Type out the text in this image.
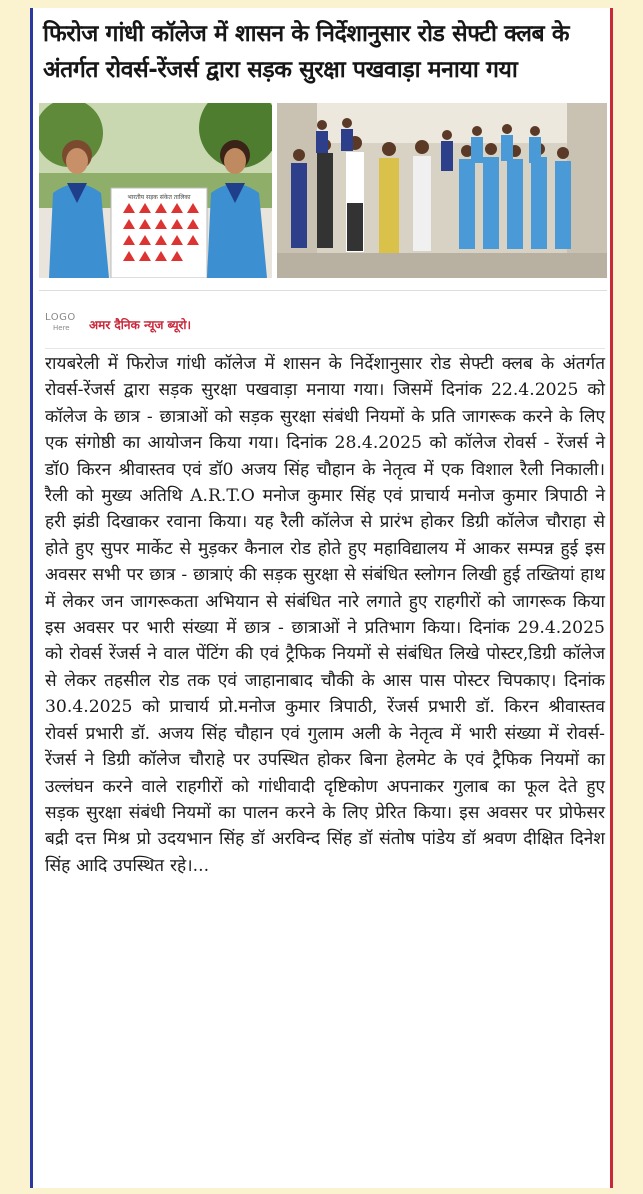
फिरोज गांधी कॉलेज में शासन के निर्देशानुसार रोड सेफ्टी क्लब के अंतर्गत रोवर्स-रेंजर्स द्वारा सड़क सुरक्षा पखवाड़ा मनाया गया
भारतीय सड़क संकेत तालिका
LOGO
Here	अमर दैनिक न्यूज ब्यूरो।

रायबरेली में फिरोज गांधी कॉलेज में शासन के निर्देशानुसार रोड सेफ्टी क्लब के अंतर्गत रोवर्स-रेंजर्स द्वारा सड़क सुरक्षा पखवाड़ा मनाया गया। जिसमें दिनांक 22.4.2025 को कॉलेज के छात्र - छात्राओं को सड़क सुरक्षा संबंधी नियमों के प्रति जागरूक करने के लिए एक संगोष्ठी का आयोजन किया गया। दिनांक 28.4.2025 को कॉलेज रोवर्स - रेंजर्स ने डॉ0 किरन श्रीवास्तव एवं डॉ0 अजय सिंह चौहान के नेतृत्व में एक विशाल रैली निकाली। रैली को मुख्य अतिथि A.R.T.O मनोज कुमार सिंह एवं प्राचार्य मनोज कुमार त्रिपाठी ने हरी झंडी दिखाकर रवाना किया। यह रैली कॉलेज से प्रारंभ होकर डिग्री कॉलेज चौराहा से होते हुए सुपर मार्केट से मुड़कर कैनाल रोड होते हुए महाविद्यालय में आकर सम्पन्न हुई इस अवसर सभी पर छात्र - छात्राएं की सड़क सुरक्षा से संबंधित स्लोगन लिखी हुई तख्तियां हाथ में लेकर जन जागरूकता अभियान से संबंधित नारे लगाते हुए राहगीरों को जागरूक किया इस अवसर पर भारी संख्या में छात्र - छात्राओं ने प्रतिभाग किया। दिनांक 29.4.2025 को रोवर्स रेंजर्स ने वाल पेंटिंग की एवं ट्रैफिक नियमों से संबंधित लिखे पोस्टर,डिग्री कॉलेज से लेकर तहसील रोड तक एवं जाहानाबाद चौकी के आस पास पोस्टर चिपकाए। दिनांक 30.4.2025 को प्राचार्य प्रो.मनोज कुमार त्रिपाठी, रेंजर्स प्रभारी डॉ. किरन श्रीवास्तव रोवर्स प्रभारी डॉ. अजय सिंह चौहान एवं गुलाम अली के नेतृत्व में भारी संख्या में रोवर्स- रेंजर्स ने डिग्री कॉलेज चौराहे पर उपस्थित होकर बिना हेलमेट के एवं ट्रैफिक नियमों का उल्लंघन करने वाले राहगीरों को गांधीवादी दृष्टिकोण अपनाकर गुलाब का फूल देते हुए सड़क सुरक्षा संबंधी नियमों का पालन करने के लिए प्रेरित किया। इस अवसर पर प्रोफेसर बद्री दत्त मिश्र प्रो उदयभान सिंह डॉ अरविन्द सिंह डॉ संतोष पांडेय डॉ श्रवण दीक्षित दिनेश सिंह आदि उपस्थित रहे।...
